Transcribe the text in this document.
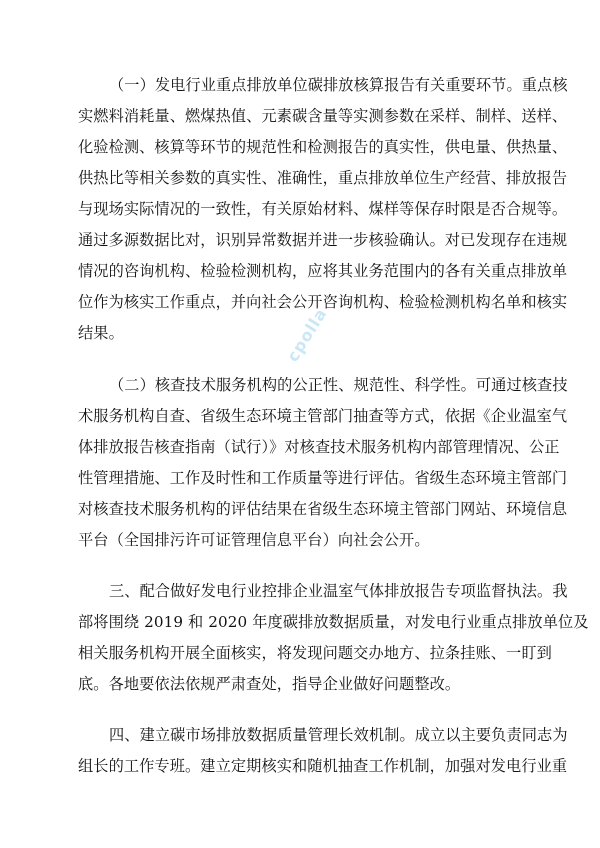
（一）发电行业重点排放单位碳排放核算报告有关重要环节。重点核
实燃料消耗量、燃煤热值、元素碳含量等实测参数在采样、制样、送样、
化验检测、核算等环节的规范性和检测报告的真实性，供电量、供热量、
供热比等相关参数的真实性、准确性，重点排放单位生产经营、排放报告
与现场实际情况的一致性，有关原始材料、煤样等保存时限是否合规等。
通过多源数据比对，识别异常数据并进一步核验确认。对已发现存在违规
情况的咨询机构、检验检测机构，应将其业务范围内的各有关重点排放单
位作为核实工作重点，并向社会公开咨询机构、检验检测机构名单和核实
结果。
（二）核查技术服务机构的公正性、规范性、科学性。可通过核查技
术服务机构自查、省级生态环境主管部门抽查等方式，依据《企业温室气
体排放报告核查指南（试行）》对核查技术服务机构内部管理情况、公正
性管理措施、工作及时性和工作质量等进行评估。省级生态环境主管部门
对核查技术服务机构的评估结果在省级生态环境主管部门网站、环境信息
平台（全国排污许可证管理信息平台）向社会公开。
三、配合做好发电行业控排企业温室气体排放报告专项监督执法。我
部将围绕 2019 和 2020 年度碳排放数据质量，对发电行业重点排放单位及
相关服务机构开展全面核实，将发现问题交办地方、拉条挂账、一盯到
底。各地要依法依规严肃查处，指导企业做好问题整改。
四、建立碳市场排放数据质量管理长效机制。成立以主要负责同志为
组长的工作专班。建立定期核实和随机抽查工作机制，加强对发电行业重
cpolla
